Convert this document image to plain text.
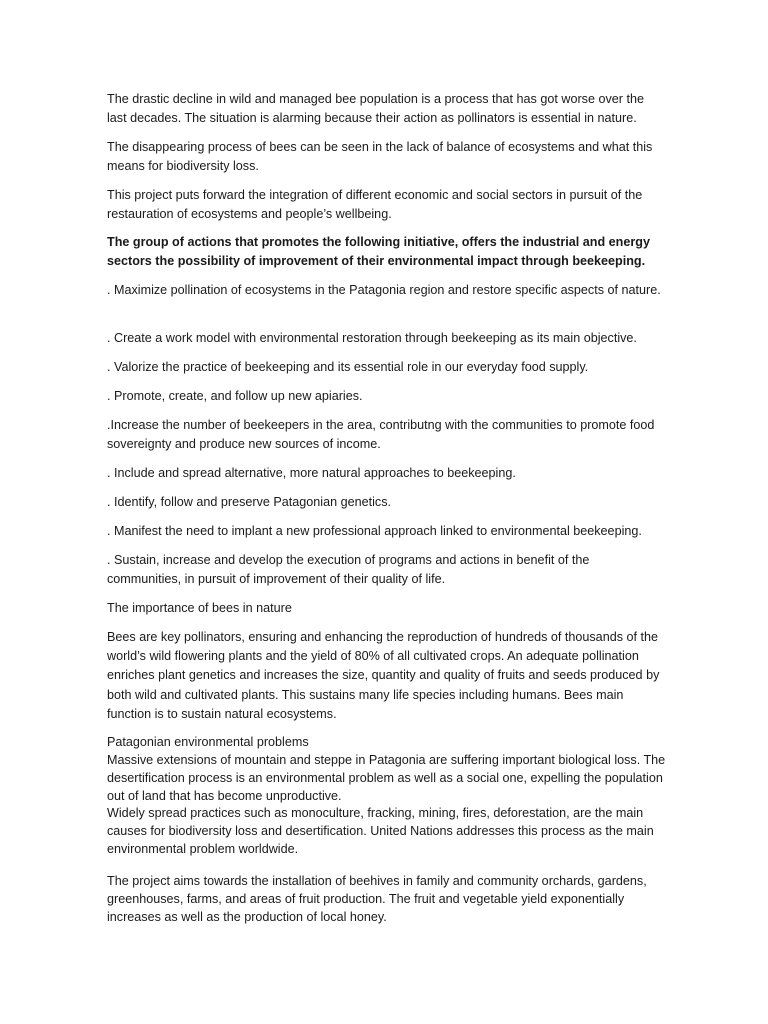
The drastic decline in wild and managed bee population is a process that has got worse over the last decades. The situation is alarming because their action as pollinators is essential in nature.

The disappearing process of bees can be seen in the lack of balance of ecosystems and what this means for biodiversity loss.

This project puts forward the integration of different economic and social sectors in pursuit of the restauration of ecosystems and people’s wellbeing.

The group of actions that promotes the following initiative, offers the industrial and energy sectors the possibility of improvement of their environmental impact through beekeeping.

. Maximize pollination of ecosystems in the Patagonia region and restore specific aspects of nature.

. Create a work model with environmental restoration through beekeeping as its main objective.

. Valorize the practice of beekeeping and its essential role in our everyday food supply.

. Promote, create, and follow up new apiaries.

.Increase the number of beekeepers in the area, contributng with the communities to promote food sovereignty and produce new sources of income.

. Include and spread alternative, more natural approaches to beekeeping.

. Identify, follow and preserve Patagonian genetics.

. Manifest the need to implant a new professional approach linked to environmental beekeeping.

. Sustain, increase and develop the execution of programs and actions in benefit of the communities, in pursuit of improvement of their quality of life.

The importance of bees in nature

Bees are key pollinators, ensuring and enhancing the reproduction of hundreds of thousands of the world’s wild flowering plants and the yield of 80% of all cultivated crops. An adequate pollination enriches plant genetics and increases the size, quantity and quality of fruits and seeds produced by both wild and cultivated plants. This sustains many life species including humans. Bees main function is to sustain natural ecosystems.

Patagonian environmental problems

Massive extensions of mountain and steppe in Patagonia are suffering important biological loss. The desertification process is an environmental problem as well as a social one, expelling the population out of land that has become unproductive.

Widely spread practices such as monoculture, fracking, mining, fires, deforestation, are the main causes for biodiversity loss and desertification. United Nations addresses this process as the main environmental problem worldwide.

The project aims towards the installation of beehives in family and community orchards, gardens, greenhouses, farms, and areas of fruit production. The fruit and vegetable yield exponentially increases as well as the production of local honey.
